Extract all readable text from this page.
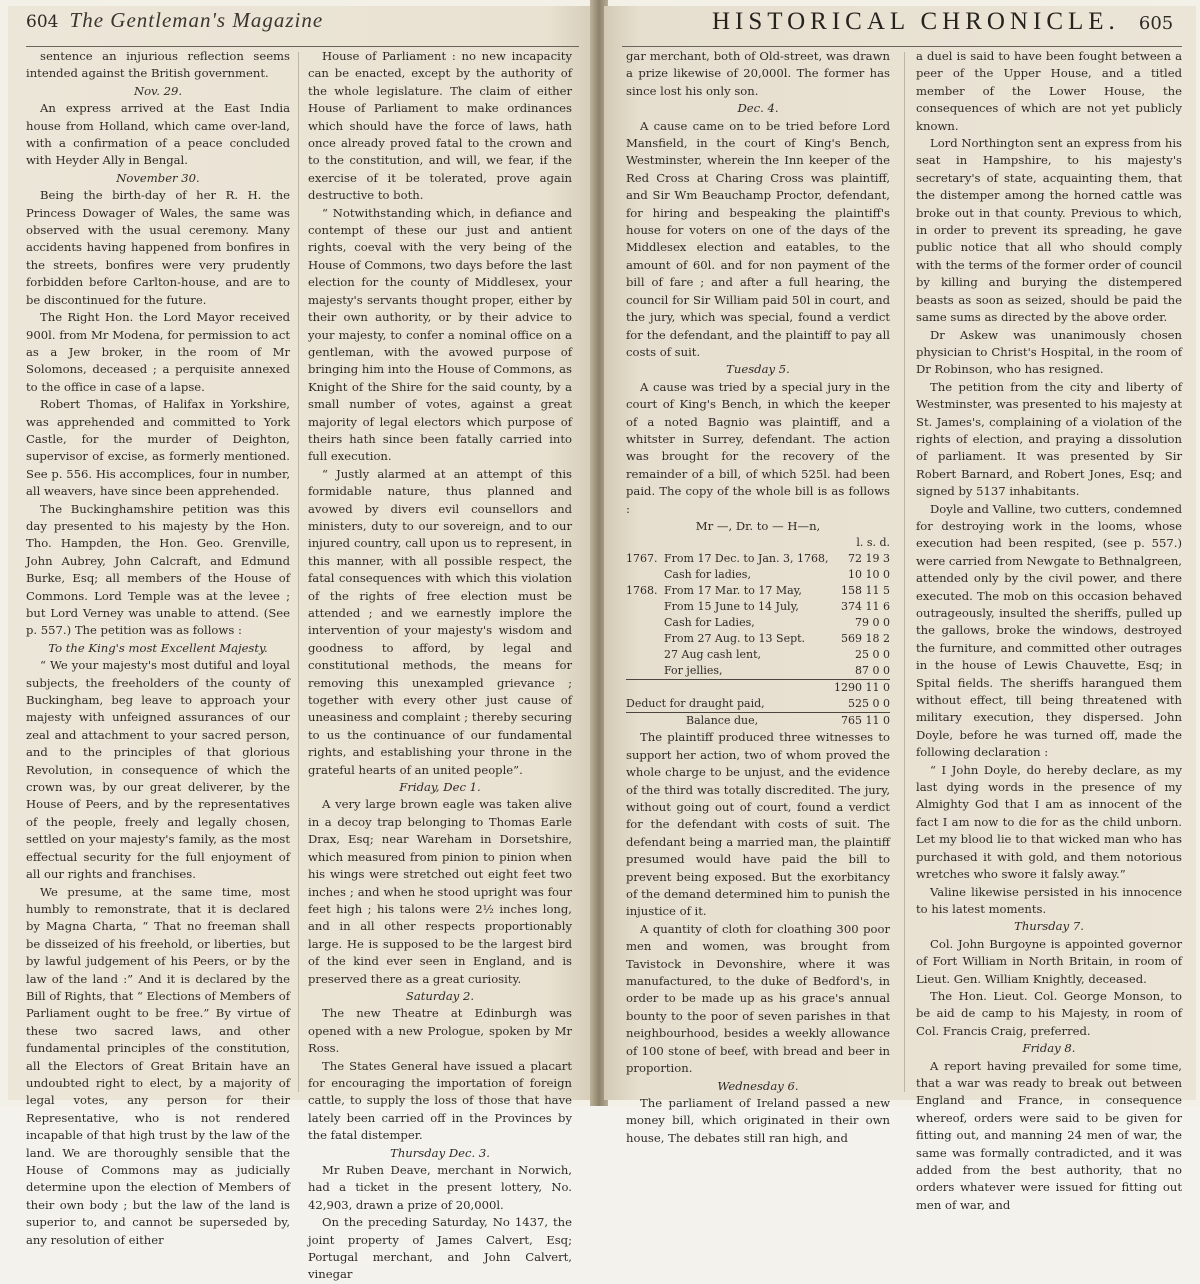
604 The Gentleman's Magazine

sentence an injurious reflection seems intended against the British government.

Nov. 29.

An express arrived at the East India house from Holland, which came over-land, with a confirmation of a peace concluded with Heyder Ally in Bengal.

November 30.

Being the birth-day of her R. H. the Princess Dowager of Wales, the same was observed with the usual ceremony. Many accidents having happened from bonfires in the streets, bonfires were very prudently forbidden before Carlton-house, and are to be discontinued for the future.

The Right Hon. the Lord Mayor received 900l. from Mr Modena, for permission to act as a Jew broker, in the room of Mr Solomons, deceased ; a perquisite annexed to the office in case of a lapse.

Robert Thomas, of Halifax in Yorkshire, was apprehended and committed to York Castle, for the murder of Deighton, supervisor of excise, as formerly mentioned. See p. 556. His accomplices, four in number, all weavers, have since been apprehended.

The Buckinghamshire petition was this day presented to his majesty by the Hon. Tho. Hampden, the Hon. Geo. Grenville, John Aubrey, John Calcraft, and Edmund Burke, Esq; all members of the House of Commons. Lord Temple was at the levee ; but Lord Verney was unable to attend. (See p. 557.) The petition was as follows :

To the King's most Excellent Majesty.

“ We your majesty's most dutiful and loyal subjects, the freeholders of the county of Buckingham, beg leave to approach your majesty with unfeigned assurances of our zeal and attachment to your sacred person, and to the principles of that glorious Revolution, in consequence of which the crown was, by our great deliverer, by the House of Peers, and by the representatives of the people, freely and legally chosen, settled on your majesty's family, as the most effectual security for the full enjoyment of all our rights and franchises.

We presume, at the same time, most humbly to remonstrate, that it is declared by Magna Charta, “ That no freeman shall be disseized of his freehold, or liberties, but by lawful judgement of his Peers, or by the law of the land :” And it is declared by the Bill of Rights, that “ Elections of Members of Parliament ought to be free.” By virtue of these two sacred laws, and other fundamental principles of the constitution, all the Electors of Great Britain have an undoubted right to elect, by a majority of legal votes, any person for their Representative, who is not rendered incapable of that high trust by the law of the land. We are thoroughly sensible that the House of Commons may as judicially determine upon the election of Members of their own body ; but the law of the land is superior to, and cannot be superseded by, any resolution of either

House of Parliament : no new incapacity can be enacted, except by the authority of the whole legislature. The claim of either House of Parliament to make ordinances which should have the force of laws, hath once already proved fatal to the crown and to the constitution, and will, we fear, if the exercise of it be tolerated, prove again destructive to both.

“ Notwithstanding which, in defiance and contempt of these our just and antient rights, coeval with the very being of the House of Commons, two days before the last election for the county of Middlesex, your majesty's servants thought proper, either by their own authority, or by their advice to your majesty, to confer a nominal office on a gentleman, with the avowed purpose of bringing him into the House of Commons, as Knight of the Shire for the said county, by a small number of votes, against a great majority of legal electors which purpose of theirs hath since been fatally carried into full execution.

“ Justly alarmed at an attempt of this formidable nature, thus planned and avowed by divers evil counsellors and ministers, duty to our sovereign, and to our injured country, call upon us to represent, in this manner, with all possible respect, the fatal consequences with which this violation of the rights of free election must be attended ; and we earnestly implore the intervention of your majesty's wisdom and goodness to afford, by legal and constitutional methods, the means for removing this unexampled grievance ; together with every other just cause of uneasiness and complaint ; thereby securing to us the continuance of our fundamental rights, and establishing your throne in the grateful hearts of an united people”.

Friday, Dec 1.

A very large brown eagle was taken alive in a decoy trap belonging to Thomas Earle Drax, Esq; near Wareham in Dorsetshire, which measured from pinion to pinion when his wings were stretched out eight feet two inches ; and when he stood upright was four feet high ; his talons were 2½ inches long, and in all other respects proportionably large. He is supposed to be the largest bird of the kind ever seen in England, and is preserved there as a great curiosity.

Saturday 2.

The new Theatre at Edinburgh was opened with a new Prologue, spoken by Mr Ross.

The States General have issued a placart for encouraging the importation of foreign cattle, to supply the loss of those that have lately been carried off in the Provinces by the fatal distemper.

Thursday Dec. 3.

Mr Ruben Deave, merchant in Norwich, had a ticket in the present lottery, No. 42,903, drawn a prize of 20,000l.

On the preceding Saturday, No 1437, the joint property of James Calvert, Esq; Portugal merchant, and John Calvert, vinegar

HISTORICAL CHRONICLE. 605

gar merchant, both of Old-street, was drawn a prize likewise of 20,000l. The former has since lost his only son.

Dec. 4.

A cause came on to be tried before Lord Mansfield, in the court of King's Bench, Westminster, wherein the Inn keeper of the Red Cross at Charing Cross was plaintiff, and Sir Wm Beauchamp Proctor, defendant, for hiring and bespeaking the plaintiff's house for voters on one of the days of the Middlesex election and eatables, to the amount of 60l. and for non payment of the bill of fare ; and after a full hearing, the council for Sir William paid 50l in court, and the jury, which was special, found a verdict for the defendant, and the plaintiff to pay all costs of suit.

Tuesday 5.

A cause was tried by a special jury in the court of King's Bench, in which the keeper of a noted Bagnio was plaintiff, and a whitster in Surrey, defendant. The action was brought for the recovery of the remainder of a bill, of which 525l. had been paid. The copy of the whole bill is as follows :

Mr —, Dr. to — H—n,

		l. s. d.
1767.	From 17 Dec. to Jan. 3, 1768,	72 19 3
	Cash for ladies,	10 10 0
1768.	From 17 Mar. to 17 May,	158 11 5
	From 15 June to 14 July,	374 11 6
	Cash for Ladies,	79 0 0
	From 27 Aug. to 13 Sept.	569 18 2
	27 Aug cash lent,	25 0 0
	For jellies,	87 0 0
		1290 11 0
Deduct for draught paid,		525 0 0
Balance due,		765 11 0

The plaintiff produced three witnesses to support her action, two of whom proved the whole charge to be unjust, and the evidence of the third was totally discredited. The jury, without going out of court, found a verdict for the defendant with costs of suit. The defendant being a married man, the plaintiff presumed would have paid the bill to prevent being exposed. But the exorbitancy of the demand determined him to punish the injustice of it.

A quantity of cloth for cloathing 300 poor men and women, was brought from Tavistock in Devonshire, where it was manufactured, to the duke of Bedford's, in order to be made up as his grace's annual bounty to the poor of seven parishes in that neighbourhood, besides a weekly allowance of 100 stone of beef, with bread and beer in proportion.

Wednesday 6.

The parliament of Ireland passed a new money bill, which originated in their own house, The debates still ran high, and

a duel is said to have been fought between a peer of the Upper House, and a titled member of the Lower House, the consequences of which are not yet publicly known.

Lord Northington sent an express from his seat in Hampshire, to his majesty's secretary's of state, acquainting them, that the distemper among the horned cattle was broke out in that county. Previous to which, in order to prevent its spreading, he gave public notice that all who should comply with the terms of the former order of council by killing and burying the distempered beasts as soon as seized, should be paid the same sums as directed by the above order.

Dr Askew was unanimously chosen physician to Christ's Hospital, in the room of Dr Robinson, who has resigned.

The petition from the city and liberty of Westminster, was presented to his majesty at St. James's, complaining of a violation of the rights of election, and praying a dissolution of parliament. It was presented by Sir Robert Barnard, and Robert Jones, Esq; and signed by 5137 inhabitants.

Doyle and Valline, two cutters, condemned for destroying work in the looms, whose execution had been respited, (see p. 557.) were carried from Newgate to Bethnalgreen, attended only by the civil power, and there executed. The mob on this occasion behaved outrageously, insulted the sheriffs, pulled up the gallows, broke the windows, destroyed the furniture, and committed other outrages in the house of Lewis Chauvette, Esq; in Spital fields. The sheriffs harangued them without effect, till being threatened with military execution, they dispersed. John Doyle, before he was turned off, made the following declaration :

“ I John Doyle, do hereby declare, as my last dying words in the presence of my Almighty God that I am as innocent of the fact I am now to die for as the child unborn. Let my blood lie to that wicked man who has purchased it with gold, and them notorious wretches who swore it falsly away.”

Valine likewise persisted in his innocence to his latest moments.

Thursday 7.

Col. John Burgoyne is appointed governor of Fort William in North Britain, in room of Lieut. Gen. William Knightly, deceased.

The Hon. Lieut. Col. George Monson, to be aid de camp to his Majesty, in room of Col. Francis Craig, preferred.

Friday 8.

A report having prevailed for some time, that a war was ready to break out between England and France, in consequence whereof, orders were said to be given for fitting out, and manning 24 men of war, the same was formally contradicted, and it was added from the best authority, that no orders whatever were issued for fitting out men of war, and
